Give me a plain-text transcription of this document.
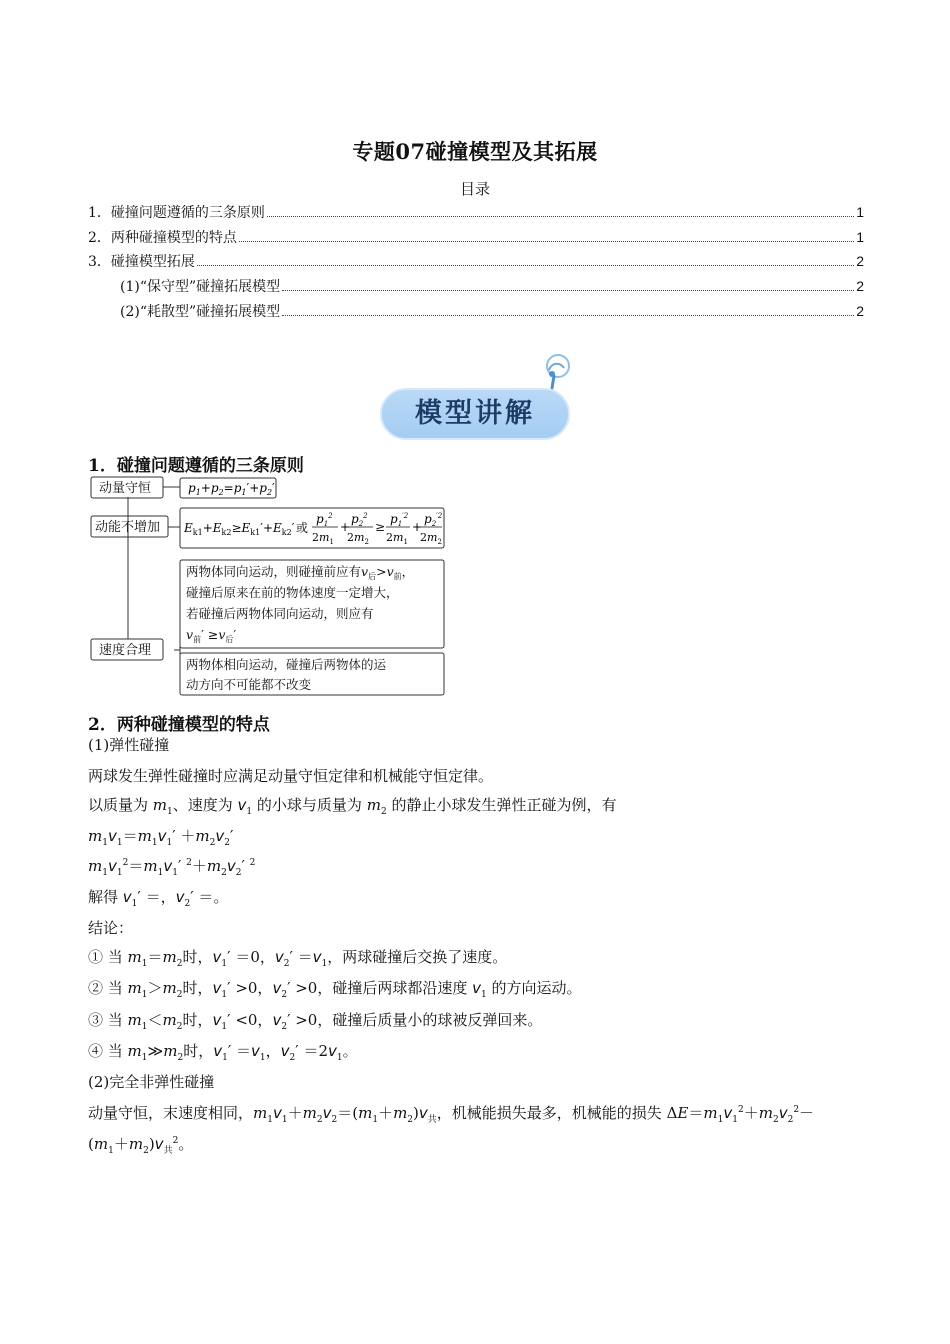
专题07碰撞模型及其拓展
目录
1． 碰撞问题遵循的三条原则	1
2． 两种碰撞模型的特点	1
3． 碰撞模型拓展	2
(1) “保守型”碰撞拓展模型	2
(2) “耗散型”碰撞拓展模型	2
模型讲解
1．碰撞问题遵循的三条原则
动量守恒
动能不增加
速度合理
$p_1+p_2=p_1'+p_2'$
$E_{k1}+E_{k2}\ge E_{k1}'+E_{k2}'$ 或
$p_1^2$
$2m_1$
+
$p_2^2$
$2m_2$
≥
$p_1^{'2}$
$2m_1$
+
$p_2^{'2}$
$2m_2$
两物体同向运动，则碰撞前应有$v_后>v_前$，
碰撞后原来在前的物体速度一定增大，
若碰撞后两物体同向运动，则应有
$v_前' \ge v_后'$
两物体相向运动，碰撞后两物体的运
动方向不可能都不改变
2．两种碰撞模型的特点
(1)弹性碰撞
两球发生弹性碰撞时应满足动量守恒定律和机械能守恒定律。
以质量为 $m_1$、速度为 $v_1$ 的小球与质量为 $m_2$ 的静止小球发生弹性正碰为例，有
$m_1v_1=m_1v_1' +m_2v_2'$
$m_1v_1^2=m_1v_1'$ $^2+m_2v_2'$ $^2$
解得 $v_1'$ ＝，$v_2'$ ＝。
结论：
① 当 $m_1=m_2$时，$v_1' =0$，$v_2' =v_1$，两球碰撞后交换了速度。
② 当 $m_1>m_2$时，$v_1' >0$，$v_2' >0$，碰撞后两球都沿速度 $v_1$ 的方向运动。
③ 当 $m_1<m_2$时，$v_1' <0$，$v_2' >0$，碰撞后质量小的球被反弹回来。
④ 当 $m_1≫m_2$时，$v_1' =v_1$，$v_2' =2v_1$。
(2)完全非弹性碰撞
动量守恒，末速度相同，$m_1v_1+m_2v_2=(m_1+m_2)v_共$，机械能损失最多，机械能的损失 $\Delta E=m_1v_1^2+m_2v_2^2-$
$(m_1+m_2)v_共^2$。
